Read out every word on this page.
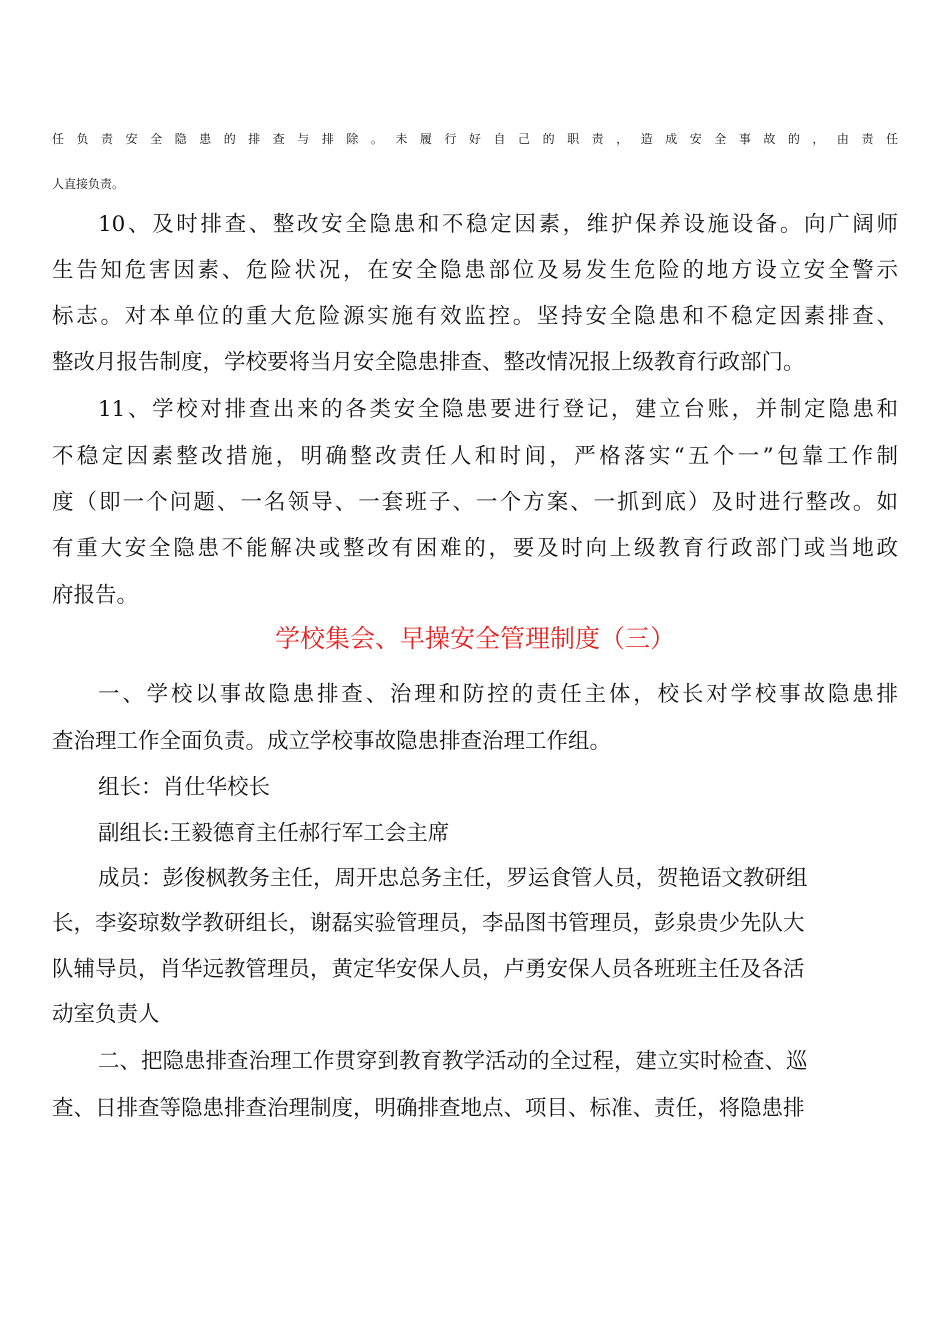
任负责安全隐患的排查与排除。未履行好自己的职责，造成安全事故的，由责任
人直接负责。
10、及时排查、整改安全隐患和不稳定因素，维护保养设施设备。向广阔师
生告知危害因素、危险状况，在安全隐患部位及易发生危险的地方设立安全警示
标志。对本单位的重大危险源实施有效监控。坚持安全隐患和不稳定因素排查、
整改月报告制度，学校要将当月安全隐患排查、整改情况报上级教育行政部门。
11、学校对排查出来的各类安全隐患要进行登记，建立台账，并制定隐患和
不稳定因素整改措施，明确整改责任人和时间，严格落实“五个一”包靠工作制
度（即一个问题、一名领导、一套班子、一个方案、一抓到底）及时进行整改。如
有重大安全隐患不能解决或整改有困难的，要及时向上级教育行政部门或当地政
府报告。
学校集会、早操安全管理制度（三）
一、学校以事故隐患排查、治理和防控的责任主体，校长对学校事故隐患排
查治理工作全面负责。成立学校事故隐患排查治理工作组。
组长：肖仕华校长
副组长:王毅德育主任郝行军工会主席
成员：彭俊枫教务主任，周开忠总务主任，罗运食管人员，贺艳语文教研组
长，李姿琼数学教研组长，谢磊实验管理员，李品图书管理员，彭泉贵少先队大
队辅导员，肖华远教管理员，黄定华安保人员，卢勇安保人员各班班主任及各活
动室负责人
二、把隐患排查治理工作贯穿到教育教学活动的全过程，建立实时检查、巡
查、日排查等隐患排查治理制度，明确排查地点、项目、标准、责任，将隐患排
